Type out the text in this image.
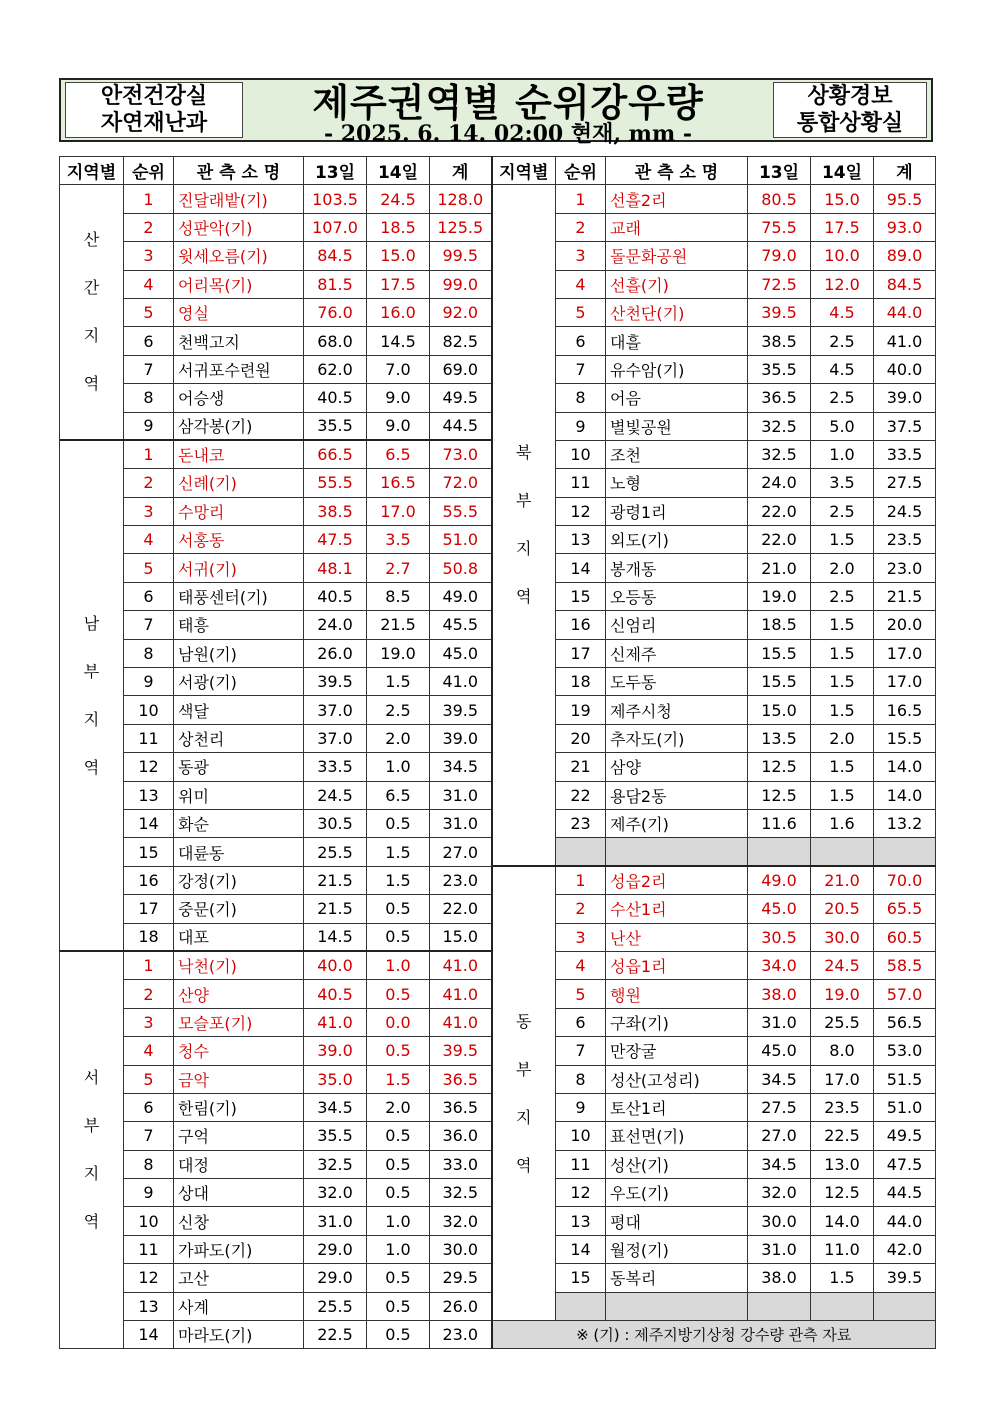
안전건강실
자연재난과	제주권역별 순위강우량
- 2025. 6. 14. 02:00 현재, mm -
상황경보
통합상황실
지역별	순위	관 측 소 명	13일	14일	계	지역별	순위	관 측 소 명	13일	14일	계
산간지역	1	진달래밭(기)	103.5	24.5	128.0	북부지역	1	선흘2리	80.5	15.0	95.5
	2	성판악(기)	107.0	18.5	125.5		2	교래	75.5	17.5	93.0
	3	윗세오름(기)	84.5	15.0	99.5		3	돌문화공원	79.0	10.0	89.0
	4	어리목(기)	81.5	17.5	99.0		4	선흘(기)	72.5	12.0	84.5
	5	영실	76.0	16.0	92.0		5	산천단(기)	39.5	4.5	44.0
	6	천백고지	68.0	14.5	82.5		6	대흘	38.5	2.5	41.0
	7	서귀포수련원	62.0	7.0	69.0		7	유수암(기)	35.5	4.5	40.0
	8	어승생	40.5	9.0	49.5		8	어음	36.5	2.5	39.0
	9	삼각봉(기)	35.5	9.0	44.5		9	별빛공원	32.5	5.0	37.5
남부지역	1	돈내코	66.5	6.5	73.0		10	조천	32.5	1.0	33.5
	2	신례(기)	55.5	16.5	72.0		11	노형	24.0	3.5	27.5
	3	수망리	38.5	17.0	55.5		12	광령1리	22.0	2.5	24.5
	4	서홍동	47.5	3.5	51.0		13	외도(기)	22.0	1.5	23.5
	5	서귀(기)	48.1	2.7	50.8		14	봉개동	21.0	2.0	23.0
	6	태풍센터(기)	40.5	8.5	49.0		15	오등동	19.0	2.5	21.5
	7	태흥	24.0	21.5	45.5		16	신엄리	18.5	1.5	20.0
	8	남원(기)	26.0	19.0	45.0		17	신제주	15.5	1.5	17.0
	9	서광(기)	39.5	1.5	41.0		18	도두동	15.5	1.5	17.0
	10	색달	37.0	2.5	39.5		19	제주시청	15.0	1.5	16.5
	11	상천리	37.0	2.0	39.0		20	추자도(기)	13.5	2.0	15.5
	12	동광	33.5	1.0	34.5		21	삼양	12.5	1.5	14.0
	13	위미	24.5	6.5	31.0		22	용담2동	12.5	1.5	14.0
	14	화순	30.5	0.5	31.0		23	제주(기)	11.6	1.6	13.2
	15	대륜동	25.5	1.5	27.0						
	16	강정(기)	21.5	1.5	23.0	동부지역	1	성읍2리	49.0	21.0	70.0
	17	중문(기)	21.5	0.5	22.0		2	수산1리	45.0	20.5	65.5
	18	대포	14.5	0.5	15.0		3	난산	30.5	30.0	60.5
서부지역	1	낙천(기)	40.0	1.0	41.0		4	성읍1리	34.0	24.5	58.5
	2	산양	40.5	0.5	41.0		5	행원	38.0	19.0	57.0
	3	모슬포(기)	41.0	0.0	41.0		6	구좌(기)	31.0	25.5	56.5
	4	청수	39.0	0.5	39.5		7	만장굴	45.0	8.0	53.0
	5	금악	35.0	1.5	36.5		8	성산(고성리)	34.5	17.0	51.5
	6	한림(기)	34.5	2.0	36.5		9	토산1리	27.5	23.5	51.0
	7	구억	35.5	0.5	36.0		10	표선면(기)	27.0	22.5	49.5
	8	대정	32.5	0.5	33.0		11	성산(기)	34.5	13.0	47.5
	9	상대	32.0	0.5	32.5		12	우도(기)	32.0	12.5	44.5
	10	신창	31.0	1.0	32.0		13	평대	30.0	14.0	44.0
	11	가파도(기)	29.0	1.0	30.0		14	월정(기)	31.0	11.0	42.0
	12	고산	29.0	0.5	29.5		15	동복리	38.0	1.5	39.5
	13	사계	25.5	0.5	26.0						
	14	마라도(기)	22.5	0.5	23.0	※ (기) : 제주지방기상청 강수량 관측 자료					
